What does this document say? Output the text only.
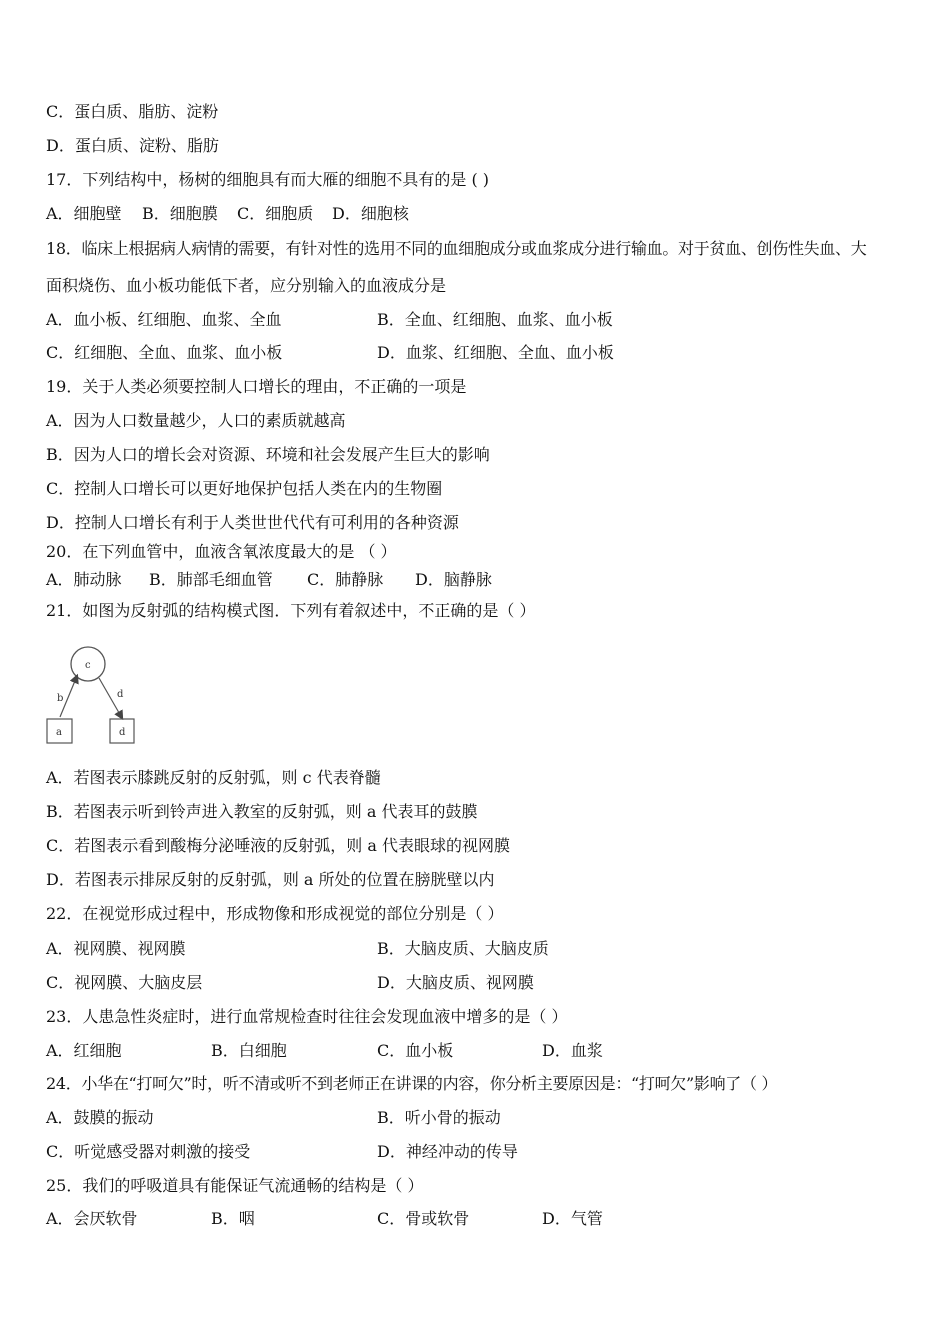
C．蛋白质、脂肪、淀粉
D．蛋白质、淀粉、脂肪
17．下列结构中，杨树的细胞具有而大雁的细胞不具有的是 ( )
A．细胞壁 B．细胞膜 C．细胞质 D．细胞核
18．临床上根据病人病情的需要，有针对性的选用不同的血细胞成分或血浆成分进行输血。对于贫血、创伤性失血、大
面积烧伤、血小板功能低下者，应分别输入的血液成分是
A．血小板、红细胞、血浆、全血	B．全血、红细胞、血浆、血小板
C．红细胞、全血、血浆、血小板	D．血浆、红细胞、全血、血小板
19．关于人类必须要控制人口增长的理由，不正确的一项是
A．因为人口数量越少，人口的素质就越高
B．因为人口的增长会对资源、环境和社会发展产生巨大的影响
C．控制人口增长可以更好地保护包括人类在内的生物圈
D．控制人口增长有利于人类世世代代有可利用的各种资源
20．在下列血管中，血液含氧浓度最大的是 （ ）
A．肺动脉 B．肺部毛细血管 C．肺静脉 D．脑静脉
21．如图为反射弧的结构模式图．下列有着叙述中，不正确的是（ ）
c
b	d
a	d
A．若图表示膝跳反射的反射弧，则 c 代表脊髓
B．若图表示听到铃声进入教室的反射弧，则 a 代表耳的鼓膜
C．若图表示看到酸梅分泌唾液的反射弧，则 a 代表眼球的视网膜
D．若图表示排尿反射的反射弧，则 a 所处的位置在膀胱壁以内
22．在视觉形成过程中，形成物像和形成视觉的部位分别是（ ）
A．视网膜、视网膜	B．大脑皮质、大脑皮质
C．视网膜、大脑皮层	D．大脑皮质、视网膜
23．人患急性炎症时，进行血常规检查时往往会发现血液中增多的是（ ）
A．红细胞	B．白细胞	C．血小板	D．血浆
24．小华在“打呵欠”时，听不清或听不到老师正在讲课的内容，你分析主要原因是：“打呵欠”影响了（ ）
A．鼓膜的振动	B．听小骨的振动
C．听觉感受器对刺激的接受	D．神经冲动的传导
25．我们的呼吸道具有能保证气流通畅的结构是（ ）
A．会厌软骨	B．咽	C．骨或软骨	D．气管
